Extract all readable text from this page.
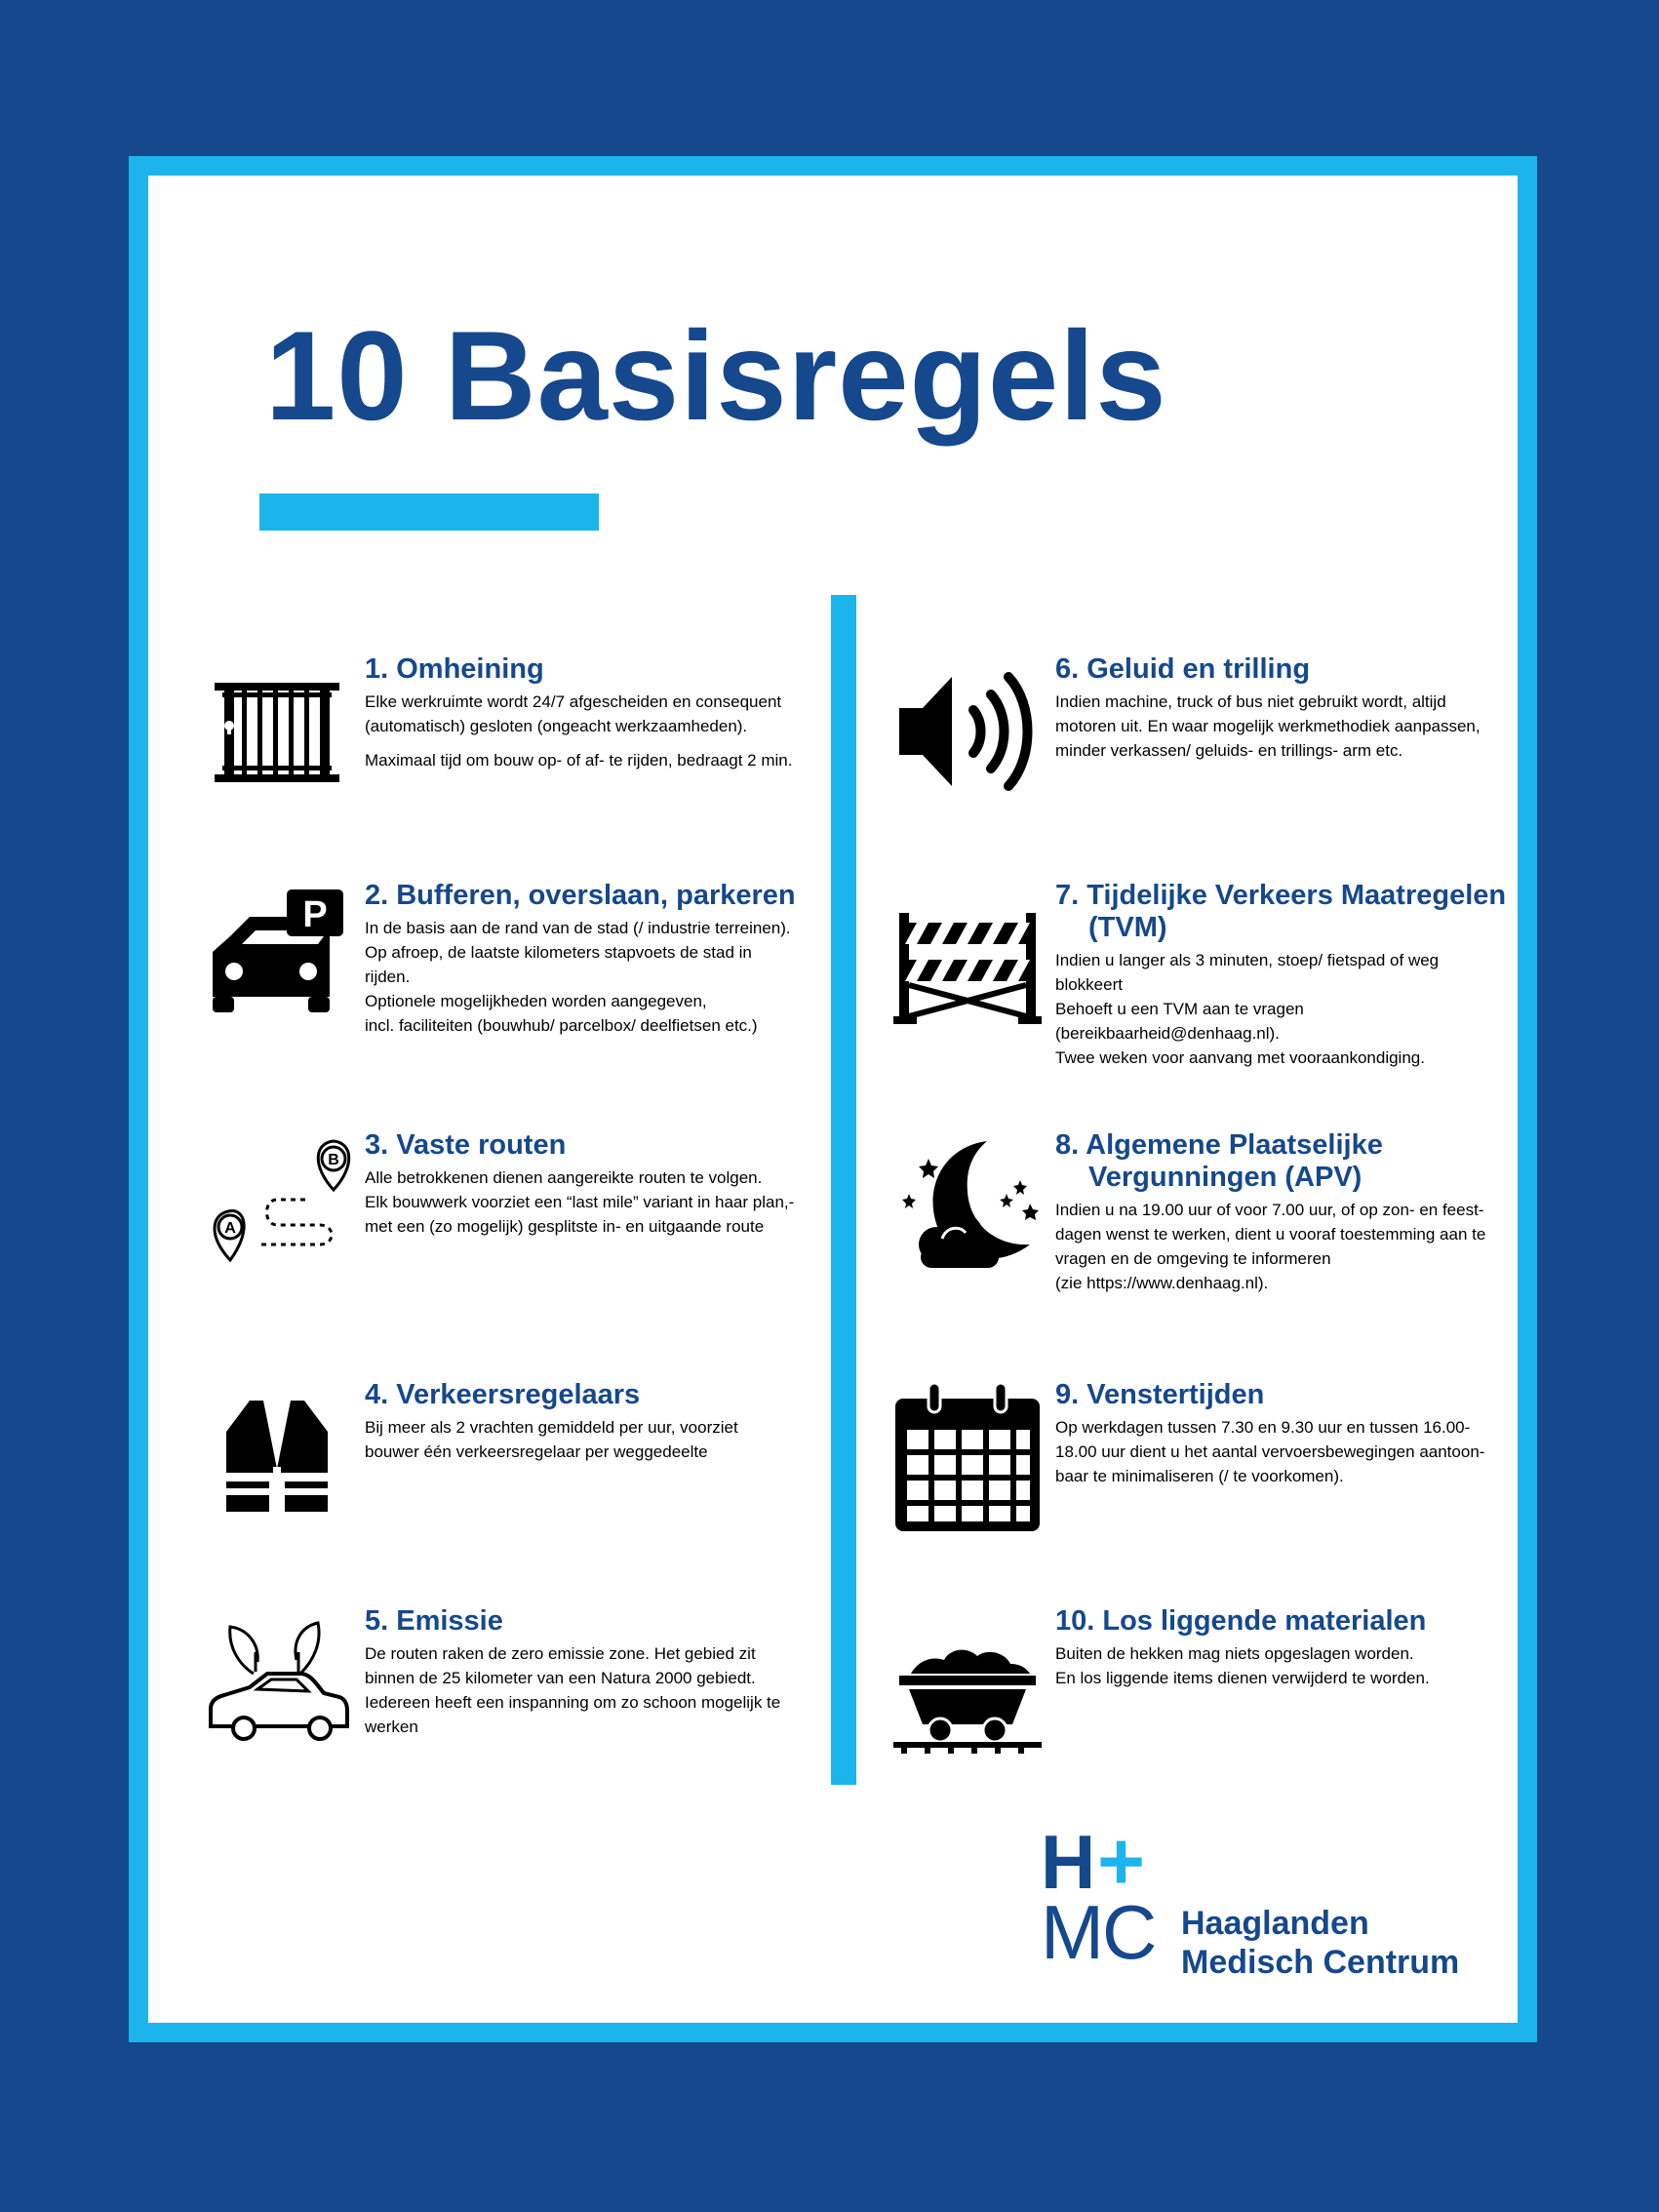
10 Basisregels
1. Omheining

Elke werkruimte wordt 24/7 afgescheiden en consequent

(automatisch) gesloten (ongeacht werkzaamheden).

Maximaal tijd om bouw op- of af- te rijden, bedraagt 2 min.

P 2. Bufferen, overslaan, parkeren

In de basis aan de rand van de stad (/ industrie terreinen).

Op afroep, de laatste kilometers stapvoets de stad in

rijden.

Optionele mogelijkheden worden aangegeven,

incl. faciliteiten (bouwhub/ parcelbox/ deelfietsen etc.)

A
B 3. Vaste routen

Alle betrokkenen dienen aangereikte routen te volgen.

Elk bouwwerk voorziet een “last mile” variant in haar plan,-

met een (zo mogelijk) gesplitste in- en uitgaande route

4. Verkeersregelaars

Bij meer als 2 vrachten gemiddeld per uur, voorziet

bouwer één verkeersregelaar per weggedeelte

5. Emissie

De routen raken de zero emissie zone. Het gebied zit

binnen de 25 kilometer van een Natura 2000 gebiedt.

Iedereen heeft een inspanning om zo schoon mogelijk te

werken

6. Geluid en trilling

Indien machine, truck of bus niet gebruikt wordt, altijd

motoren uit. En waar mogelijk werkmethodiek aanpassen,

minder verkassen/ geluids- en trillings- arm etc.

7. Tijdelijke Verkeers Maatregelen
(TVM)

Indien u langer als 3 minuten, stoep/ fietspad of weg

blokkeert

Behoeft u een TVM aan te vragen

(bereikbaarheid@denhaag.nl).

Twee weken voor aanvang met vooraankondiging.

8. Algemene Plaatselijke
Vergunningen (APV)

Indien u na 19.00 uur of voor 7.00 uur, of op zon- en feest-

dagen wenst te werken, dient u vooraf toestemming aan te

vragen en de omgeving te informeren

(zie https://www.denhaag.nl).

9. Venstertijden

Op werkdagen tussen 7.30 en 9.30 uur en tussen 16.00-

18.00 uur dient u het aantal vervoersbewegingen aantoon-

baar te minimaliseren (/ te voorkomen).

10. Los liggende materialen

Buiten de hekken mag niets opgeslagen worden.

En los liggende items dienen verwijderd te worden.

H +
MC Haaglanden
Medisch Centrum
